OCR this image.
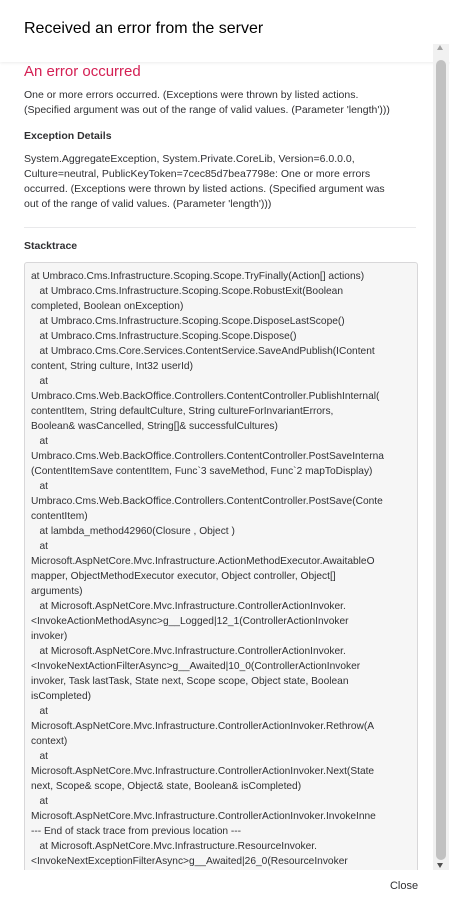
Received an error from the server
An error occurred
One or more errors occurred. (Exceptions were thrown by listed actions.
(Specified argument was out of the range of valid values. (Parameter 'length')))
Exception Details
System.AggregateException, System.Private.CoreLib, Version=6.0.0.0,
Culture=neutral, PublicKeyToken=7cec85d7bea7798e: One or more errors
occurred. (Exceptions were thrown by listed actions. (Specified argument was
out of the range of valid values. (Parameter 'length')))
Stacktrace
at Umbraco.Cms.Infrastructure.Scoping.Scope.TryFinally(Action[] actions)
at Umbraco.Cms.Infrastructure.Scoping.Scope.RobustExit(Boolean
completed, Boolean onException)
at Umbraco.Cms.Infrastructure.Scoping.Scope.DisposeLastScope()
at Umbraco.Cms.Infrastructure.Scoping.Scope.Dispose()
at Umbraco.Cms.Core.Services.ContentService.SaveAndPublish(IContent
content, String culture, Int32 userId)
at
Umbraco.Cms.Web.BackOffice.Controllers.ContentController.PublishInternal(
contentItem, String defaultCulture, String cultureForInvariantErrors,
Boolean& wasCancelled, String[]& successfulCultures)
at
Umbraco.Cms.Web.BackOffice.Controllers.ContentController.PostSaveInterna
(ContentItemSave contentItem, Func`3 saveMethod, Func`2 mapToDisplay)
at
Umbraco.Cms.Web.BackOffice.Controllers.ContentController.PostSave(Conte
contentItem)
at lambda_method42960(Closure , Object )
at
Microsoft.AspNetCore.Mvc.Infrastructure.ActionMethodExecutor.AwaitableO
mapper, ObjectMethodExecutor executor, Object controller, Object[]
arguments)
at Microsoft.AspNetCore.Mvc.Infrastructure.ControllerActionInvoker.
<InvokeActionMethodAsync>g__Logged|12_1(ControllerActionInvoker
invoker)
at Microsoft.AspNetCore.Mvc.Infrastructure.ControllerActionInvoker.
<InvokeNextActionFilterAsync>g__Awaited|10_0(ControllerActionInvoker
invoker, Task lastTask, State next, Scope scope, Object state, Boolean
isCompleted)
at
Microsoft.AspNetCore.Mvc.Infrastructure.ControllerActionInvoker.Rethrow(A
context)
at
Microsoft.AspNetCore.Mvc.Infrastructure.ControllerActionInvoker.Next(State
next, Scope& scope, Object& state, Boolean& isCompleted)
at
Microsoft.AspNetCore.Mvc.Infrastructure.ControllerActionInvoker.InvokeInne
--- End of stack trace from previous location ---
at Microsoft.AspNetCore.Mvc.Infrastructure.ResourceInvoker.
<InvokeNextExceptionFilterAsync>g__Awaited|26_0(ResourceInvoker
Close
